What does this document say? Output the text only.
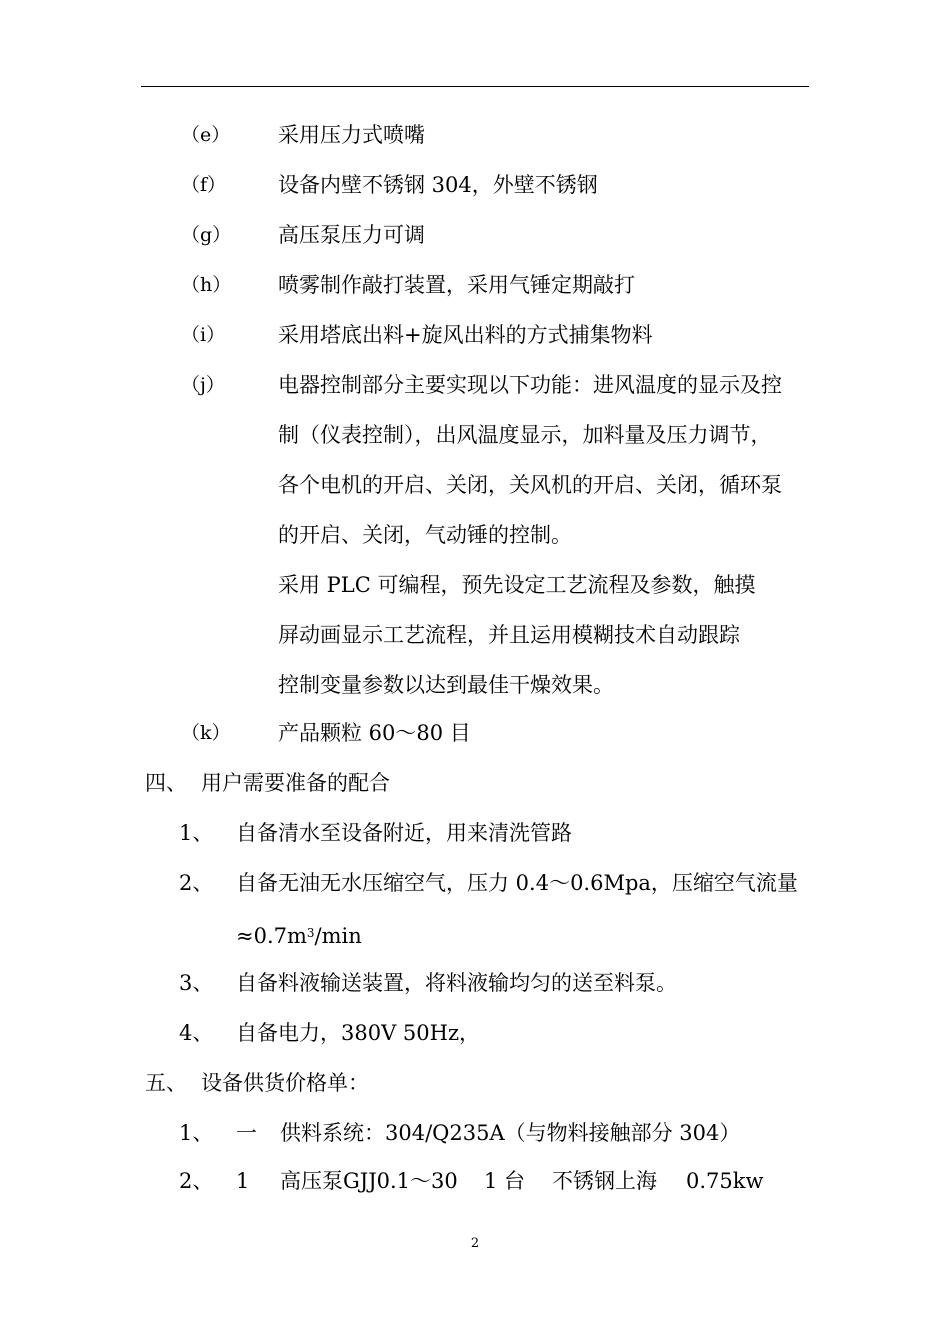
（e） 采用压力式喷嘴
（f） 设备内壁不锈钢 304，外壁不锈钢
（g） 高压泵压力可调
（h） 喷雾制作敲打装置，采用气锤定期敲打
（i）	采用塔底出料+旋风出料的方式捕集物料
（j）	电器控制部分主要实现以下功能：进风温度的显示及控
制（仪表控制），出风温度显示，加料量及压力调节，
各个电机的开启、关闭，关风机的开启、关闭，循环泵
的开启、关闭，气动锤的控制。
采用 PLC 可编程，预先设定工艺流程及参数，触摸
屏动画显示工艺流程，并且运用模糊技术自动跟踪
控制变量参数以达到最佳干燥效果。
（k） 产品颗粒 60～80 目
四、 用户需要准备的配合
1、 自备清水至设备附近，用来清洗管路
2、 自备无油无水压缩空气，压力 0.4～0.6Mpa，压缩空气流量
$\approx 0.7m^3/\min$
3、 自备料液输送装置，将料液输均匀的送至料泵。
4、 自备电力，380V 50Hz，
五、 设备供货价格单：
1、 一 供料系统：304/Q235A（与物料接触部分 304）
2、 1 高压泵GJJ0.1～30 1 台 不锈钢上海 0.75kw
2
